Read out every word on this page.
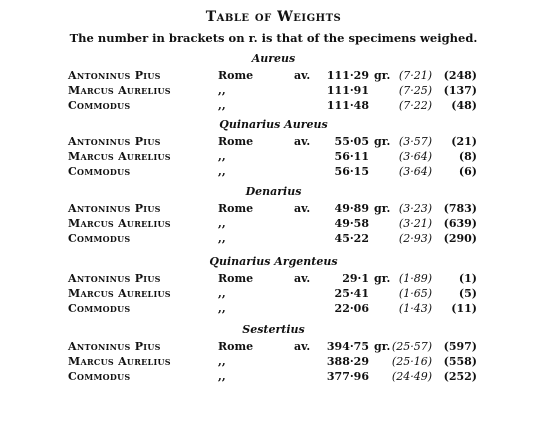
Table of Weights
The number in brackets on r. is that of the specimens weighed.
Aureus
Antoninus Pius	Rome	av.	111·29 gr. (7·21)	(248)
Marcus Aurelius	,,	111·91	(7·25)	(137)
Commodus	,,	111·48	(7·22)	(48)
Quinarius Aureus
Antoninus Pius	Rome	av.	55·05 gr. (3·57)	(21)
Marcus Aurelius	,,	56·11	(3·64)	(8)
Commodus	,,	56·15	(3·64)	(6)
Denarius
Antoninus Pius	Rome	av.	49·89 gr. (3·23)	(783)
Marcus Aurelius	,,	49·58	(3·21)	(639)
Commodus	,,	45·22	(2·93)	(290)
Quinarius Argenteus
Antoninus Pius	Rome	av.	29·1 gr. (1·89)	(1)
Marcus Aurelius	,,	25·41	(1·65)	(5)
Commodus	,,	22·06	(1·43)	(11)
Sestertius
Antoninus Pius	Rome	av.	394·75 gr. (25·57)	(597)
Marcus Aurelius	,,	388·29	(25·16)	(558)
Commodus	,,	377·96	(24·49)	(252)
